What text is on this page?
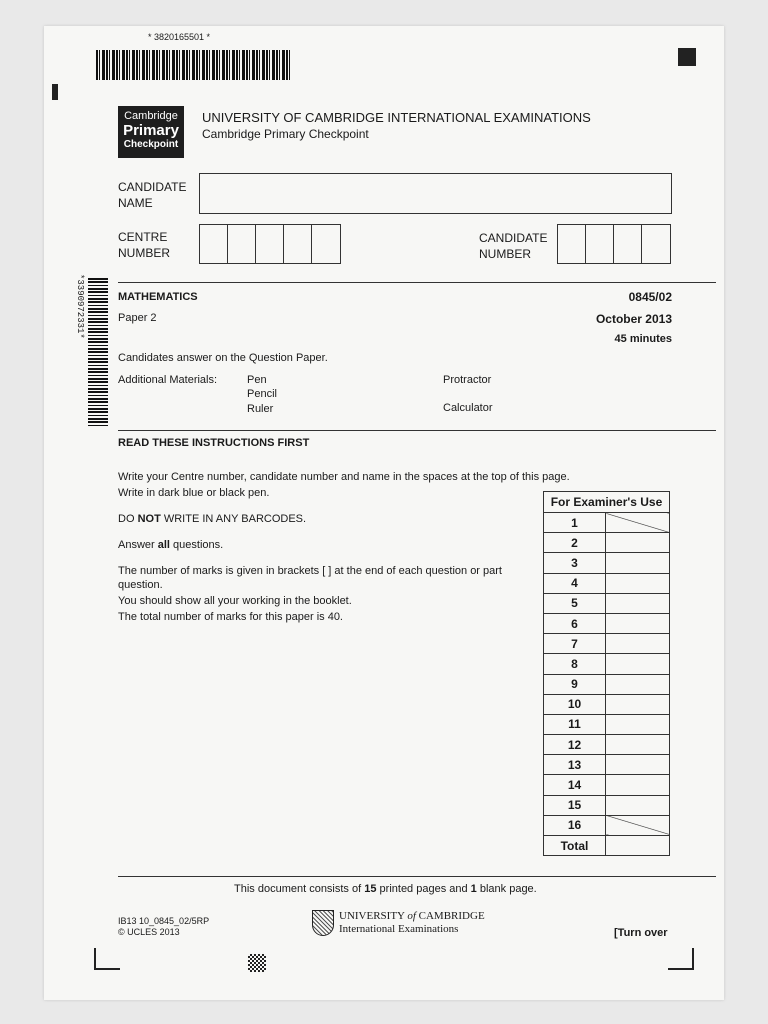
* 3820165501 *
*3390972331*
Cambridge
Primary
Checkpoint
UNIVERSITY OF CAMBRIDGE INTERNATIONAL EXAMINATIONS
Cambridge Primary Checkpoint
CANDIDATE
NAME
CENTRE
NUMBER
CANDIDATE
NUMBER
MATHEMATICS	0845/02
Paper 2	October 2013
45 minutes
Candidates answer on the Question Paper.
Additional Materials:	Pen
Pencil
Ruler
Protractor
Calculator
READ THESE INSTRUCTIONS FIRST
Write your Centre number, candidate number and name in the spaces at the top of this page.
Write in dark blue or black pen.
DO NOT WRITE IN ANY BARCODES.
Answer all questions.
The number of marks is given in brackets [ ] at the end of each question or part
question.
You should show all your working in the booklet.
The total number of marks for this paper is 40.
For Examiner's Use	
1	
2	
3	
4	
5	
6	
7	
8	
9	
10	
11	
12	
13	
14	
15	
16	
Total	
This document consists of 15 printed pages and 1 blank page.
IB13 10_0845_02/5RP
© UCLES 2013
UNIVERSITY of CAMBRIDGE
International Examinations	[Turn over
